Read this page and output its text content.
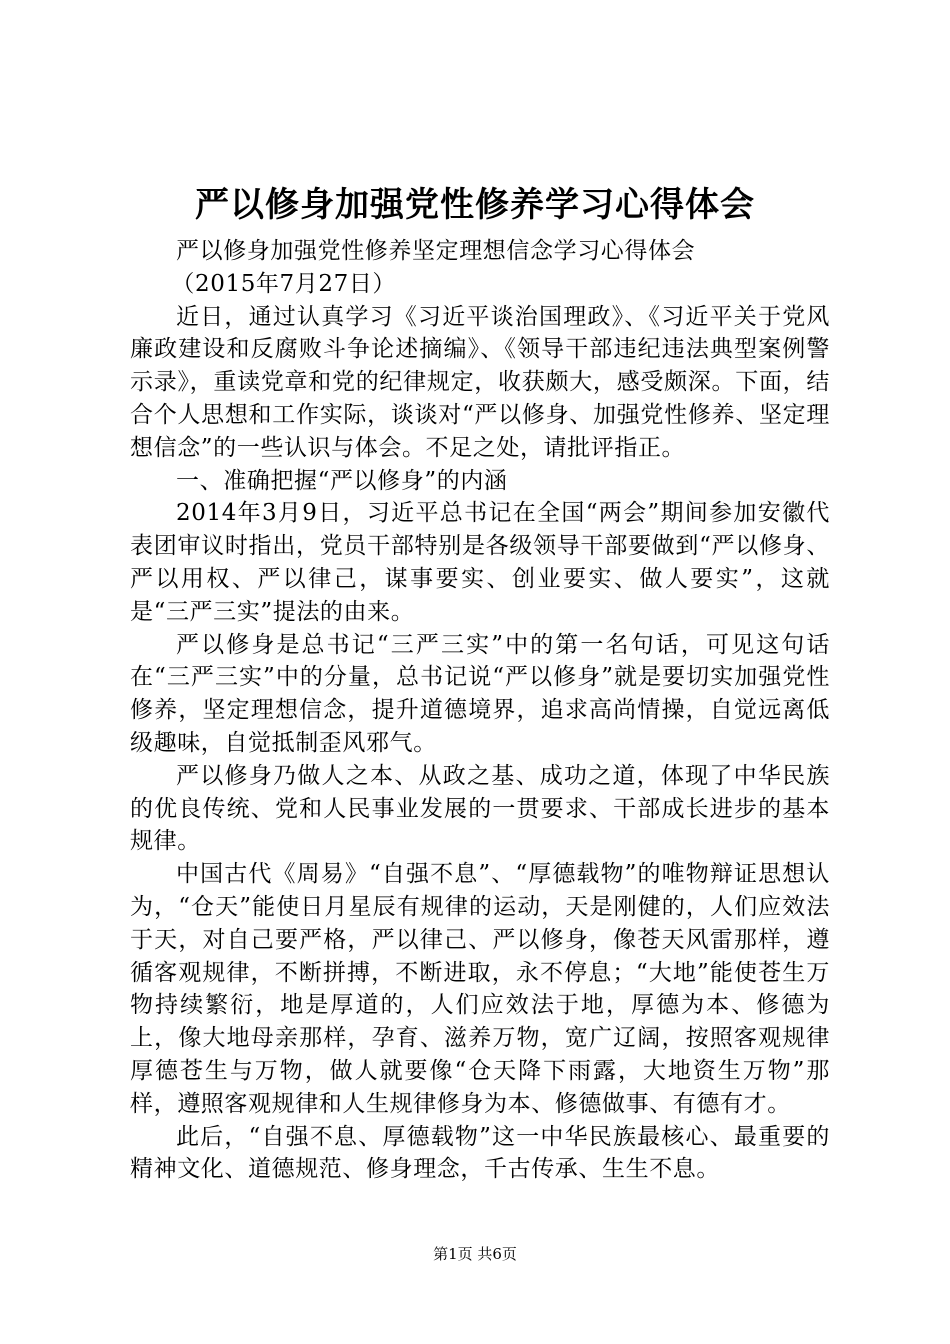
严以修身加强党性修养学习心得体会

严以修身加强党性修养坚定理想信念学习心得体会

（2015年7月27日）

近日，通过认真学习《习近平谈治国理政》、《习近平关于党风廉政建设和反腐败斗争论述摘编》、《领导干部违纪违法典型案例警示录》，重读党章和党的纪律规定，收获颇大，感受颇深。下面，结合个人思想和工作实际，谈谈对“严以修身、加强党性修养、坚定理想信念”的一些认识与体会。不足之处，请批评指正。

一、准确把握“严以修身”的内涵

2014年3月9日，习近平总书记在全国“两会”期间参加安徽代表团审议时指出，党员干部特别是各级领导干部要做到“严以修身、严以用权、严以律己，谋事要实、创业要实、做人要实”，这就是“三严三实”提法的由来。

严以修身是总书记“三严三实”中的第一名句话，可见这句话在“三严三实”中的分量，总书记说“严以修身”就是要切实加强党性修养，坚定理想信念，提升道德境界，追求高尚情操，自觉远离低级趣味，自觉抵制歪风邪气。

严以修身乃做人之本、从政之基、成功之道，体现了中华民族的优良传统、党和人民事业发展的一贯要求、干部成长进步的基本规律。

中国古代《周易》“自强不息”、“厚德载物”的唯物辩证思想认为，“仓天”能使日月星辰有规律的运动，天是刚健的，人们应效法于天，对自己要严格，严以律己、严以修身，像苍天风雷那样，遵循客观规律，不断拼搏，不断进取，永不停息；“大地”能使苍生万物持续繁衍，地是厚道的，人们应效法于地，厚德为本、修德为上，像大地母亲那样，孕育、滋养万物，宽广辽阔，按照客观规律厚德苍生与万物，做人就要像“仓天降下雨露，大地资生万物”那样，遵照客观规律和人生规律修身为本、修德做事、有德有才。

此后，“自强不息、厚德载物”这一中华民族最核心、最重要的精神文化、道德规范、修身理念，千古传承、生生不息。

第1页 共6页
